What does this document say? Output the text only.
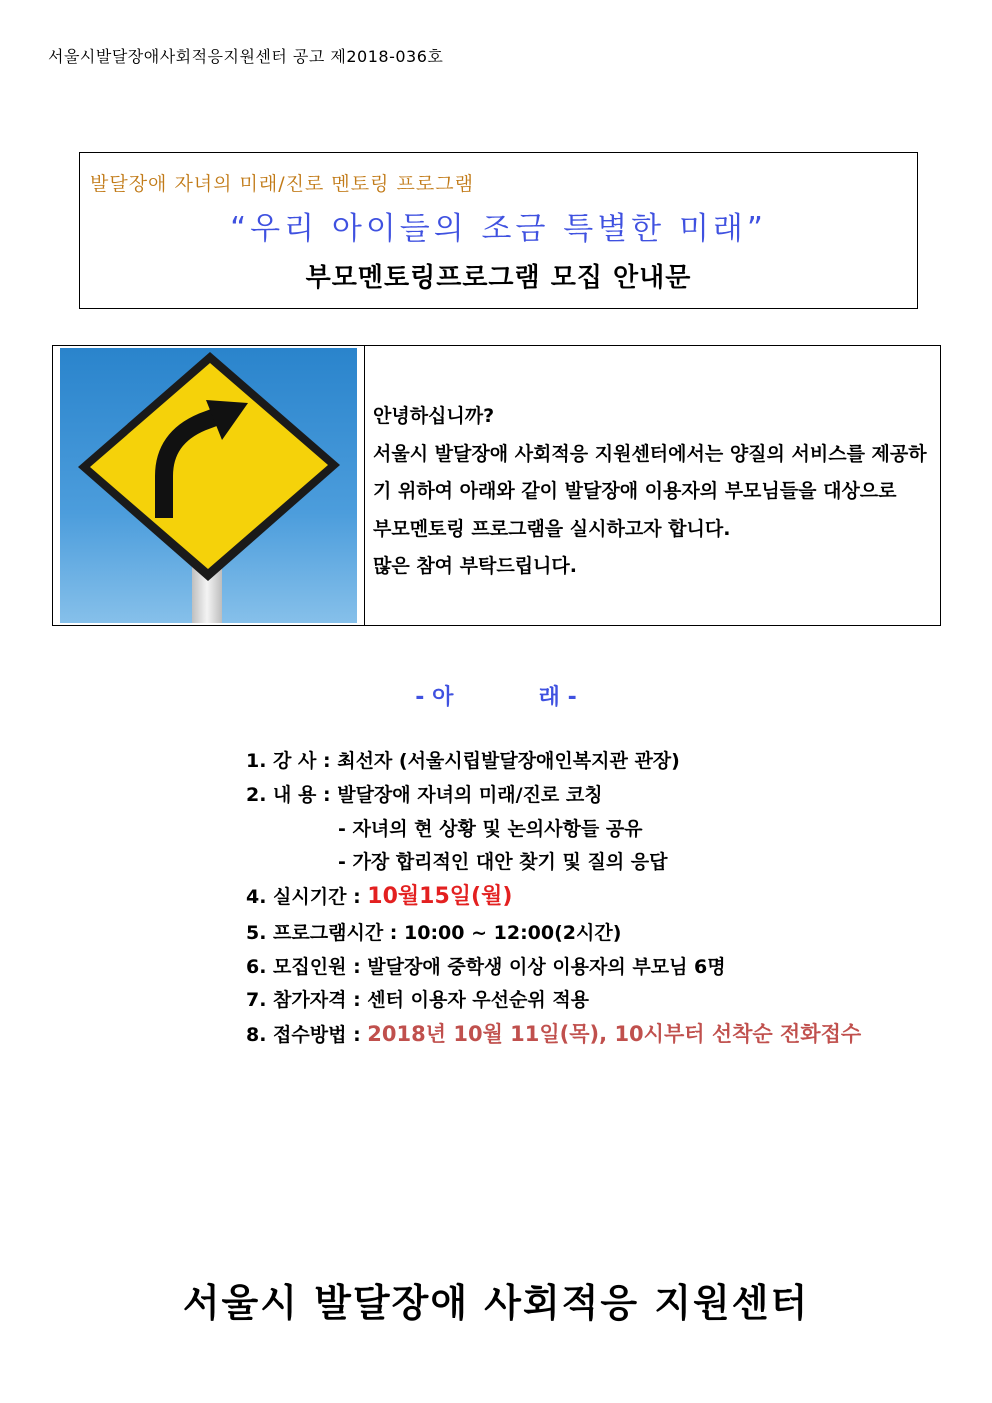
서울시발달장애사회적응지원센터 공고 제2018-036호
발달장애 자녀의 미래/진로 멘토링 프로그램
“우리 아이들의 조금 특별한 미래”
부모멘토링프로그램 모집 안내문
안녕하십니까?
서울시 발달장애 사회적응 지원센터에서는 양질의 서비스를 제공하
기 위하여 아래와 같이 발달장애 이용자의 부모님들을 대상으로
부모멘토링 프로그램을 실시하고자 합니다.
많은 참여 부탁드립니다.
- 아	래 -
1. 강 사 : 최선자 (서울시립발달장애인복지관 관장)
2. 내 용 : 발달장애 자녀의 미래/진로 코칭
- 자녀의 현 상황 및 논의사항들 공유
- 가장 합리적인 대안 찾기 및 질의 응답
4. 실시기간 : 10월15일(월)
5. 프로그램시간 : 10:00 ~ 12:00(2시간)
6. 모집인원 : 발달장애 중학생 이상 이용자의 부모님 6명
7. 참가자격 : 센터 이용자 우선순위 적용
8. 접수방법 : 2018년 10월 11일(목), 10시부터 선착순 전화접수
서울시 발달장애 사회적응 지원센터
